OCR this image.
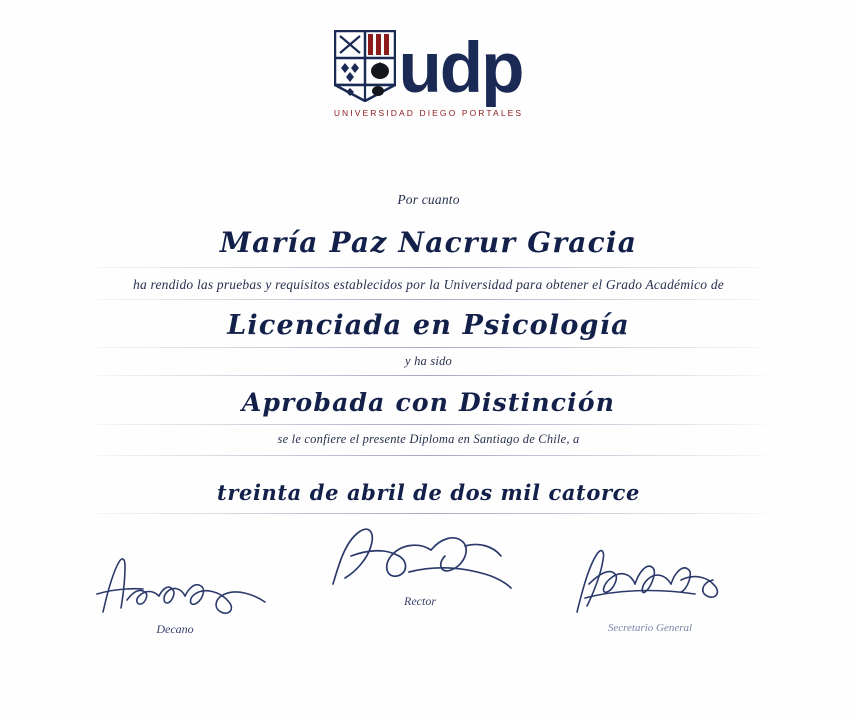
udp
UNIVERSIDAD DIEGO PORTALES
Por cuanto
María Paz Nacrur Gracia
ha rendido las pruebas y requisitos establecidos por la Universidad para obtener el Grado Académico de
Licenciada en Psicología
y ha sido
Aprobada con Distinción
se le confiere el presente Diploma en Santiago de Chile, a
treinta de abril de dos mil catorce
Decano
Rector
Secretario General
